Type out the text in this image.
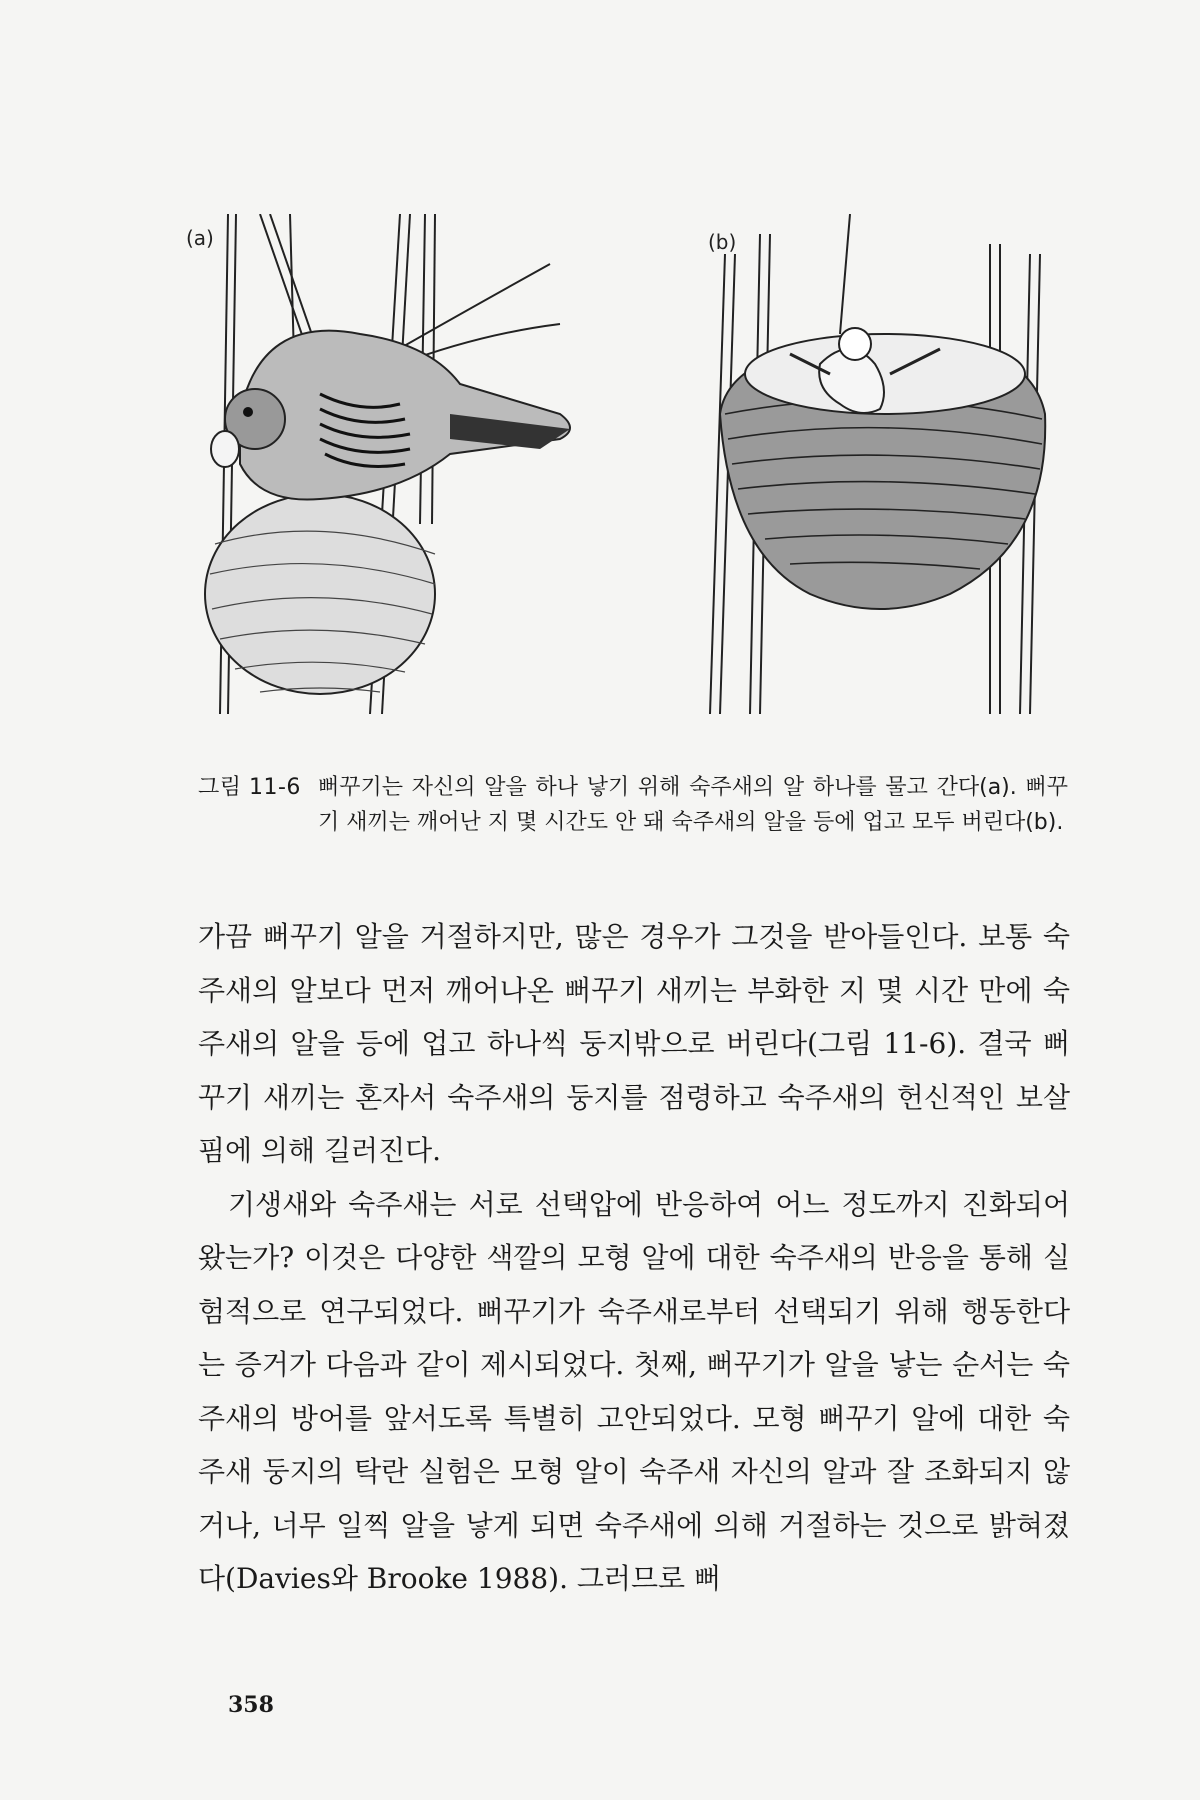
(a)	(b)
그림 11-6 뻐꾸기는 자신의 알을 하나 낳기 위해 숙주새의 알 하나를 물고 간다(a). 뻐꾸기 새끼는 깨어난 지 몇 시간도 안 돼 숙주새의 알을 등에 업고 모두 버린다(b).

가끔 뻐꾸기 알을 거절하지만, 많은 경우가 그것을 받아들인다. 보통 숙주새의 알보다 먼저 깨어나온 뻐꾸기 새끼는 부화한 지 몇 시간 만에 숙주새의 알을 등에 업고 하나씩 둥지밖으로 버린다(그림 11-6). 결국 뻐꾸기 새끼는 혼자서 숙주새의 둥지를 점령하고 숙주새의 헌신적인 보살핌에 의해 길러진다.

기생새와 숙주새는 서로 선택압에 반응하여 어느 정도까지 진화되어 왔는가? 이것은 다양한 색깔의 모형 알에 대한 숙주새의 반응을 통해 실험적으로 연구되었다. 뻐꾸기가 숙주새로부터 선택되기 위해 행동한다는 증거가 다음과 같이 제시되었다. 첫째, 뻐꾸기가 알을 낳는 순서는 숙주새의 방어를 앞서도록 특별히 고안되었다. 모형 뻐꾸기 알에 대한 숙주새 둥지의 탁란 실험은 모형 알이 숙주새 자신의 알과 잘 조화되지 않거나, 너무 일찍 알을 낳게 되면 숙주새에 의해 거절하는 것으로 밝혀졌다(Davies와 Brooke 1988). 그러므로 뻐

358
